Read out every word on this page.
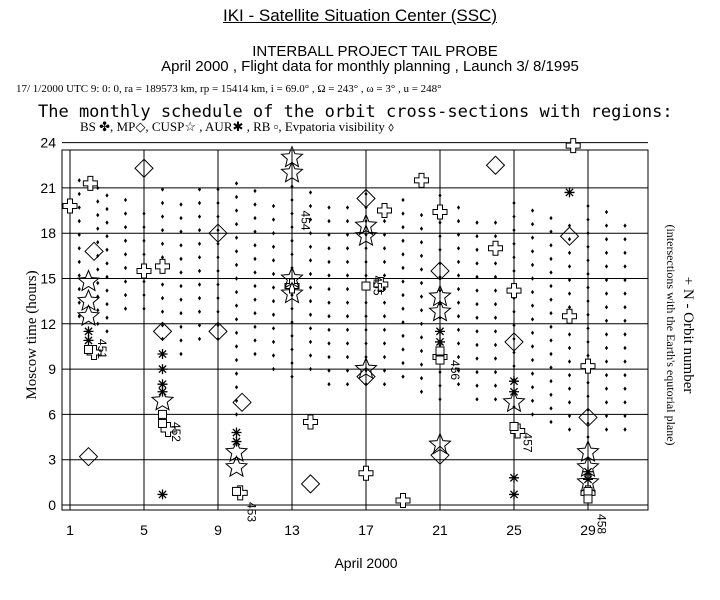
IKI - Satellite Situation Center (SSC)
INTERBALL PROJECT TAIL PROBE
April 2000 , Flight data for monthly planning , Launch 3/ 8/1995
17/ 1/2000 UTC 9: 0: 0, ra = 189573 km, rp = 15414 km, i = 69.0° , Ω = 243° , ω = 3° , u = 248°
The monthly schedule of the orbit cross-sections with regions:
BS ✤, MP◇, CUSP☆ , AUR✱ , RB ▫, Evpatoria visibility ⬨
0
3
6
9
12
15
18
21
24
1	5	9	13	17	21	25	29
451
452
453
454
455
456
457
458
April 2000
Moscow time (hours)	+ N - Orbit number
(intersections with the Earth's equtorial plane)
